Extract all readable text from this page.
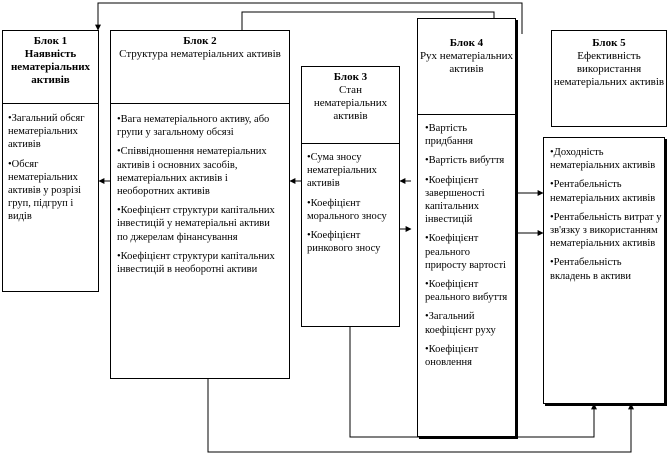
Блок 1
Наявність нематеріальних активів
•Загальний обсяг нематеріальних активів
•Обсяг нематеріальних активів у розрізі груп, підгруп і видів
Блок 2
Структура нематеріальних активів
•Вага нематеріального активу, або групи у загальному обсязі
•Співвідношення нематеріальних активів і основних засобів, нематеріальних активів і необоротних активів
•Коефіцієнт структури капітальних інвестицій у нематеріальні активи по джерелам фінансування
•Коефіцієнт структури капітальних інвестицій в необоротні активи
Блок 3
Стан нематеріальних активів
•Сума зносу нематеріальних активів
•Коефіцієнт морального зносу
•Коефіцієнт ринкового зносу
Блок 4
Рух нематеріальних активів
•Вартість придбання
•Вартість вибуття
•Коефіцієнт завершеності капітальних інвестицій
•Коефіцієнт реального приросту вартості
•Коефіцієнт реального вибуття
•Загальний коефіцієнт руху
•Коефіцієнт оновлення
Блок 5
Ефективність використання нематеріальних активів
•Доходність нематеріальних активів
•Рентабельність нематеріальних активів
•Рентабельність витрат у зв'язку з використанням нематеріальних активів
•Рентабельність вкладень в активи
